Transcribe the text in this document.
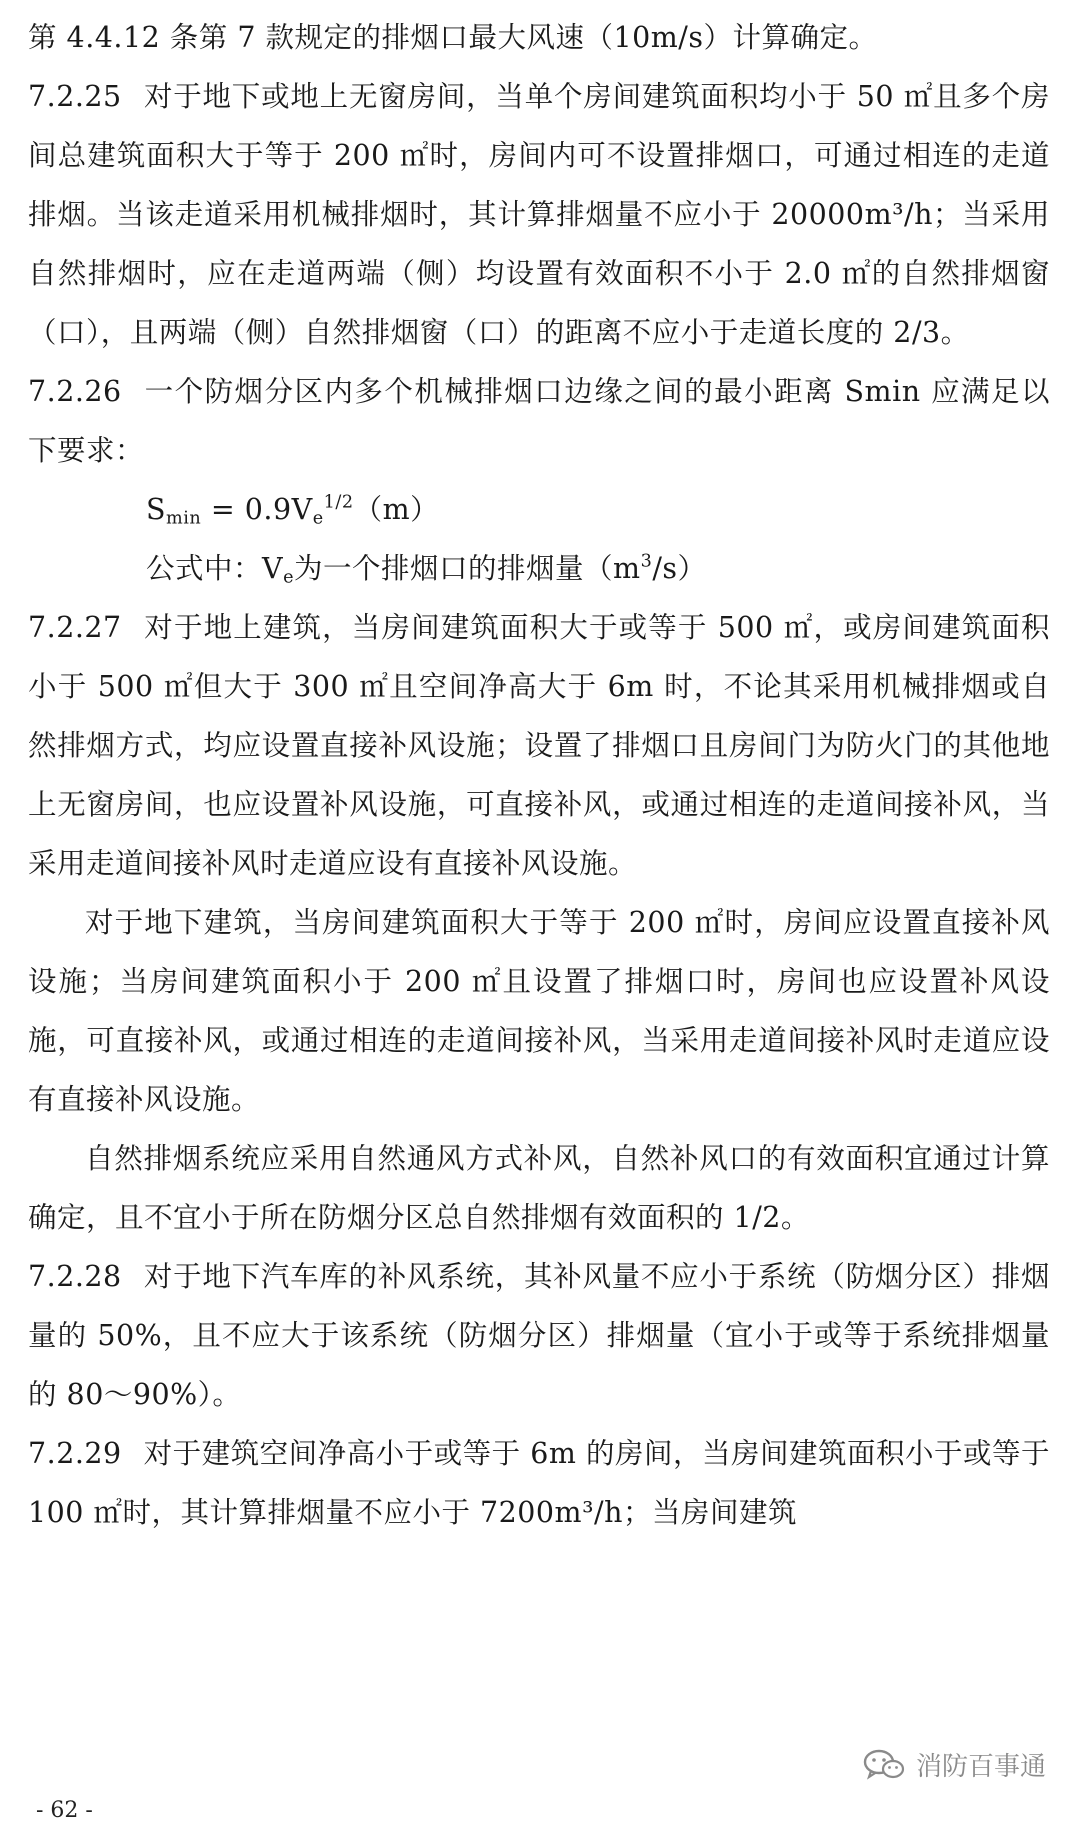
第 4.4.12 条第 7 款规定的排烟口最大风速（10m/s）计算确定。

7.2.25 对于地下或地上无窗房间，当单个房间建筑面积均小于 50 ㎡且多个房间总建筑面积大于等于 200 ㎡时，房间内可不设置排烟口，可通过相连的走道排烟。当该走道采用机械排烟时，其计算排烟量不应小于 20000m³/h；当采用自然排烟时，应在走道两端（侧）均设置有效面积不小于 2.0 ㎡的自然排烟窗（口），且两端（侧）自然排烟窗（口）的距离不应小于走道长度的 2/3。

7.2.26 一个防烟分区内多个机械排烟口边缘之间的最小距离 Smin 应满足以下要求：

$S_{min} = 0.9V_e^{1/2}(m)$

公式中：$V_e$为一个排烟口的排烟量$(m^3/s)$

7.2.27 对于地上建筑，当房间建筑面积大于或等于 500 ㎡，或房间建筑面积小于 500 ㎡但大于 300 ㎡且空间净高大于 6m 时，不论其采用机械排烟或自然排烟方式，均应设置直接补风设施；设置了排烟口且房间门为防火门的其他地上无窗房间，也应设置补风设施，可直接补风，或通过相连的走道间接补风，当采用走道间接补风时走道应设有直接补风设施。

对于地下建筑，当房间建筑面积大于等于 200 ㎡时，房间应设置直接补风设施；当房间建筑面积小于 200 ㎡且设置了排烟口时，房间也应设置补风设施，可直接补风，或通过相连的走道间接补风，当采用走道间接补风时走道应设有直接补风设施。

自然排烟系统应采用自然通风方式补风，自然补风口的有效面积宜通过计算确定，且不宜小于所在防烟分区总自然排烟有效面积的 1/2。

7.2.28 对于地下汽车库的补风系统，其补风量不应小于系统（防烟分区）排烟量的 50%，且不应大于该系统（防烟分区）排烟量（宜小于或等于系统排烟量的 80～90%）。

7.2.29 对于建筑空间净高小于或等于 6m 的房间，当房间建筑面积小于或等于 100 ㎡时，其计算排烟量不应小于 7200m³/h；当房间建筑

消防百事通
- 62 -
